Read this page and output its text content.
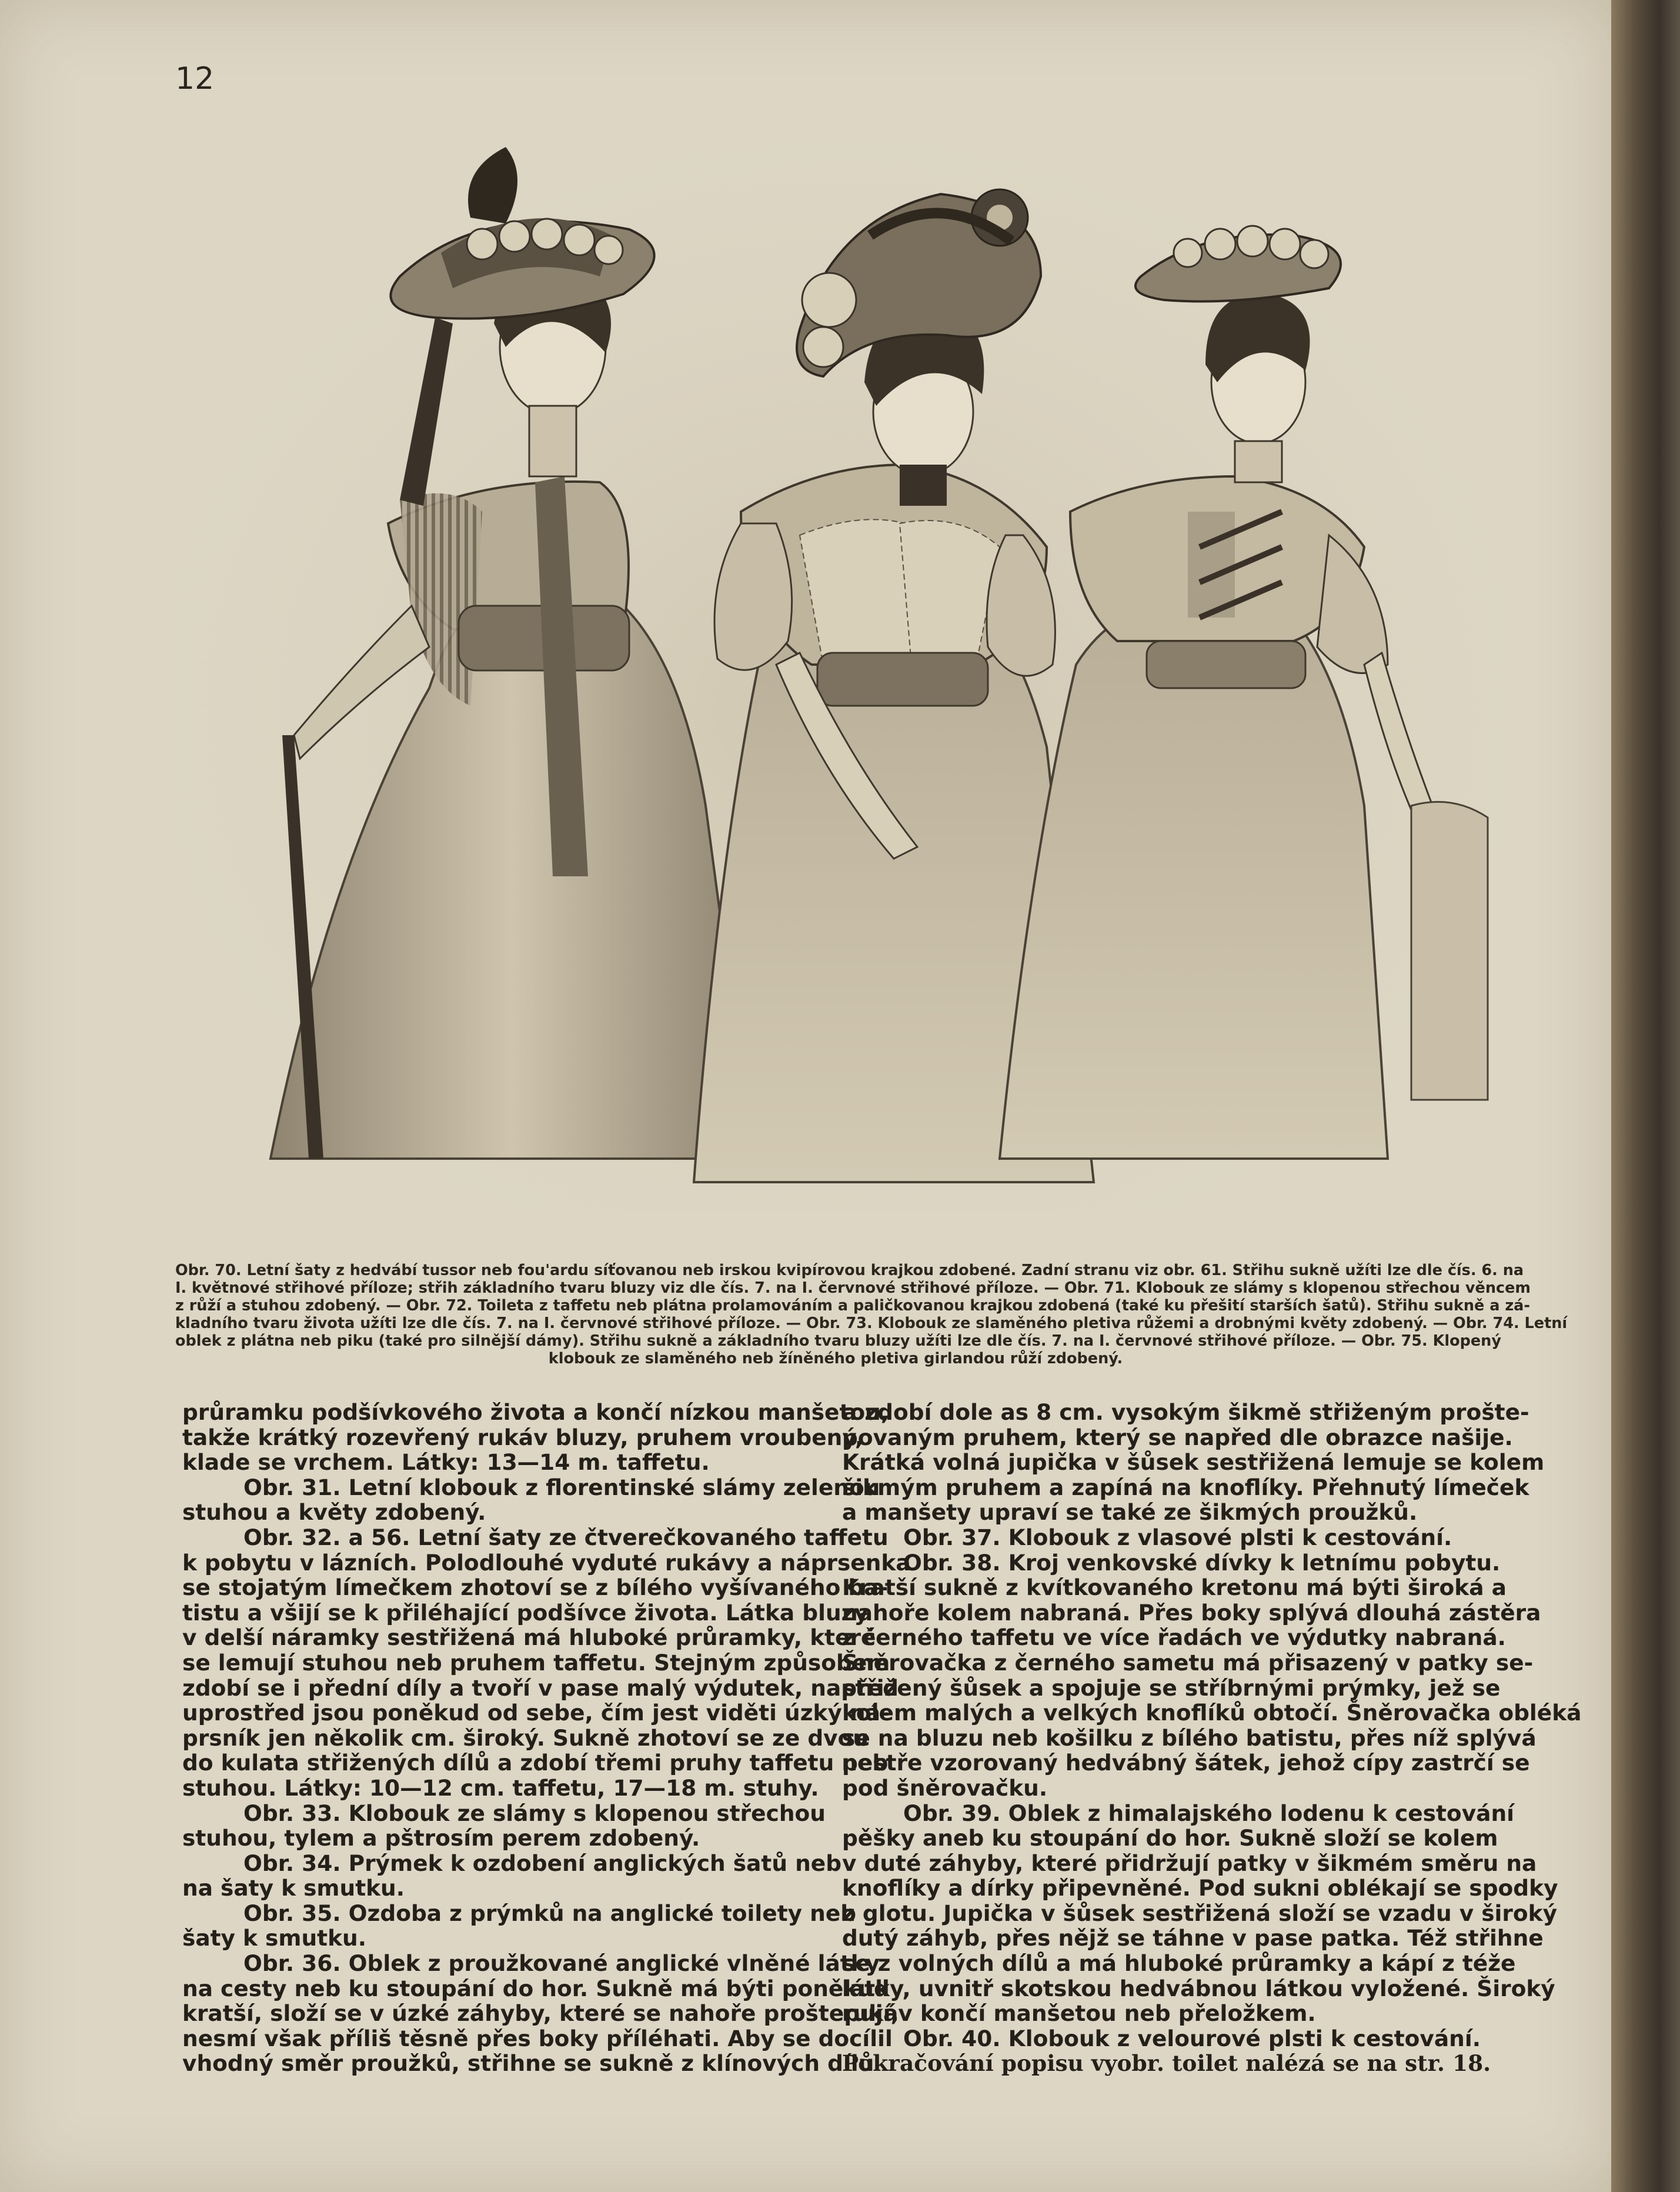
12
Obr. 70. Letní šaty z hedvábí tussor neb fou'ardu síťovanou neb irskou kvipírovou krajkou zdobené. Zadní stranu viz obr. 61. Střihu sukně užíti lze dle čís. 6. na
I. květnové střihové příloze; střih základního tvaru bluzy viz dle čís. 7. na I. červnové střihové příloze. — Obr. 71. Klobouk ze slámy s klopenou střechou věncem
z růží a stuhou zdobený. — Obr. 72. Toileta z taffetu neb plátna prolamováním a paličkovanou krajkou zdobená (také ku přešití starších šatů). Střihu sukně a zá-
kladního tvaru života užíti lze dle čís. 7. na I. červnové střihové příloze. — Obr. 73. Klobouk ze slaměného pletiva růžemi a drobnými květy zdobený. — Obr. 74. Letní
oblek z plátna neb piku (také pro silnější dámy). Střihu sukně a základního tvaru bluzy užíti lze dle čís. 7. na I. červnové střihové příloze. — Obr. 75. Klopený
klobouk ze slaměného neb žíněného pletiva girlandou růží zdobený.
průramku podšívkového života a končí nízkou manšetou,
takže krátký rozevřený rukáv bluzy, pruhem vroubený,
klade se vrchem. Látky: 13—14 m. taffetu.
Obr. 31. Letní klobouk z florentinské slámy zelenou
stuhou a květy zdobený.
Obr. 32. a 56. Letní šaty ze čtverečkovaného taffetu
k pobytu v lázních. Polodlouhé vyduté rukávy a náprsenka
se stojatým límečkem zhotoví se z bílého vyšívaného ba-
tistu a všijí se k přiléhající podšívce života. Látka bluzy
v delší náramky sestřižená má hluboké průramky, které
se lemují stuhou neb pruhem taffetu. Stejným způsobem
zdobí se i přední díly a tvoří v pase malý výdutek, napřed
uprostřed jsou poněkud od sebe, čím jest viděti úzký ná-
prsník jen několik cm. široký. Sukně zhotoví se ze dvou
do kulata střižených dílů a zdobí třemi pruhy taffetu neb
stuhou. Látky: 10—12 cm. taffetu, 17—18 m. stuhy.
Obr. 33. Klobouk ze slámy s klopenou střechou
stuhou, tylem a pštrosím perem zdobený.
Obr. 34. Prýmek k ozdobení anglických šatů neb
na šaty k smutku.
Obr. 35. Ozdoba z prýmků na anglické toilety neb
šaty k smutku.
Obr. 36. Oblek z proužkované anglické vlněné látky
na cesty neb ku stoupání do hor. Sukně má býti poněkud
kratší, složí se v úzké záhyby, které se nahoře proštepují,
nesmí však příliš těsně přes boky příléhati. Aby se docílil
vhodný směr proužků, střihne se sukně z klínových dílů
a zdobí dole as 8 cm. vysokým šikmě střiženým prošte-
povaným pruhem, který se napřed dle obrazce našije.
Krátká volná jupička v šůsek sestřižená lemuje se kolem
šikmým pruhem a zapíná na knoflíky. Přehnutý límeček
a manšety upraví se také ze šikmých proužků.
Obr. 37. Klobouk z vlasové plsti k cestování.
Obr. 38. Kroj venkovské dívky k letnímu pobytu.
Kratší sukně z kvítkovaného kretonu má býti široká a
nahoře kolem nabraná. Přes boky splývá dlouhá zástěra
z černého taffetu ve více řadách ve výdutky nabraná.
Šněrovačka z černého sametu má přisazený v patky se-
střižený šůsek a spojuje se stříbrnými prýmky, jež se
kolem malých a velkých knoflíků obtočí. Šněrovačka obléká
se na bluzu neb košilku z bílého batistu, přes níž splývá
pestře vzorovaný hedvábný šátek, jehož cípy zastrčí se
pod šněrovačku.
Obr. 39. Oblek z himalajského lodenu k cestování
pěšky aneb ku stoupání do hor. Sukně složí se kolem
v duté záhyby, které přidržují patky v šikmém směru na
knoflíky a dírky připevněné. Pod sukni oblékají se spodky
z glotu. Jupička v šůsek sestřižená složí se vzadu v široký
dutý záhyb, přes nějž se táhne v pase patka. Též střihne
se z volných dílů a má hluboké průramky a kápí z téže
látky, uvnitř skotskou hedvábnou látkou vyložené. Široký
rukáv končí manšetou neb přeložkem.
Obr. 40. Klobouk z velourové plsti k cestování.
Pokračování popisu vyobr. toilet nalézá se na str. 18.
